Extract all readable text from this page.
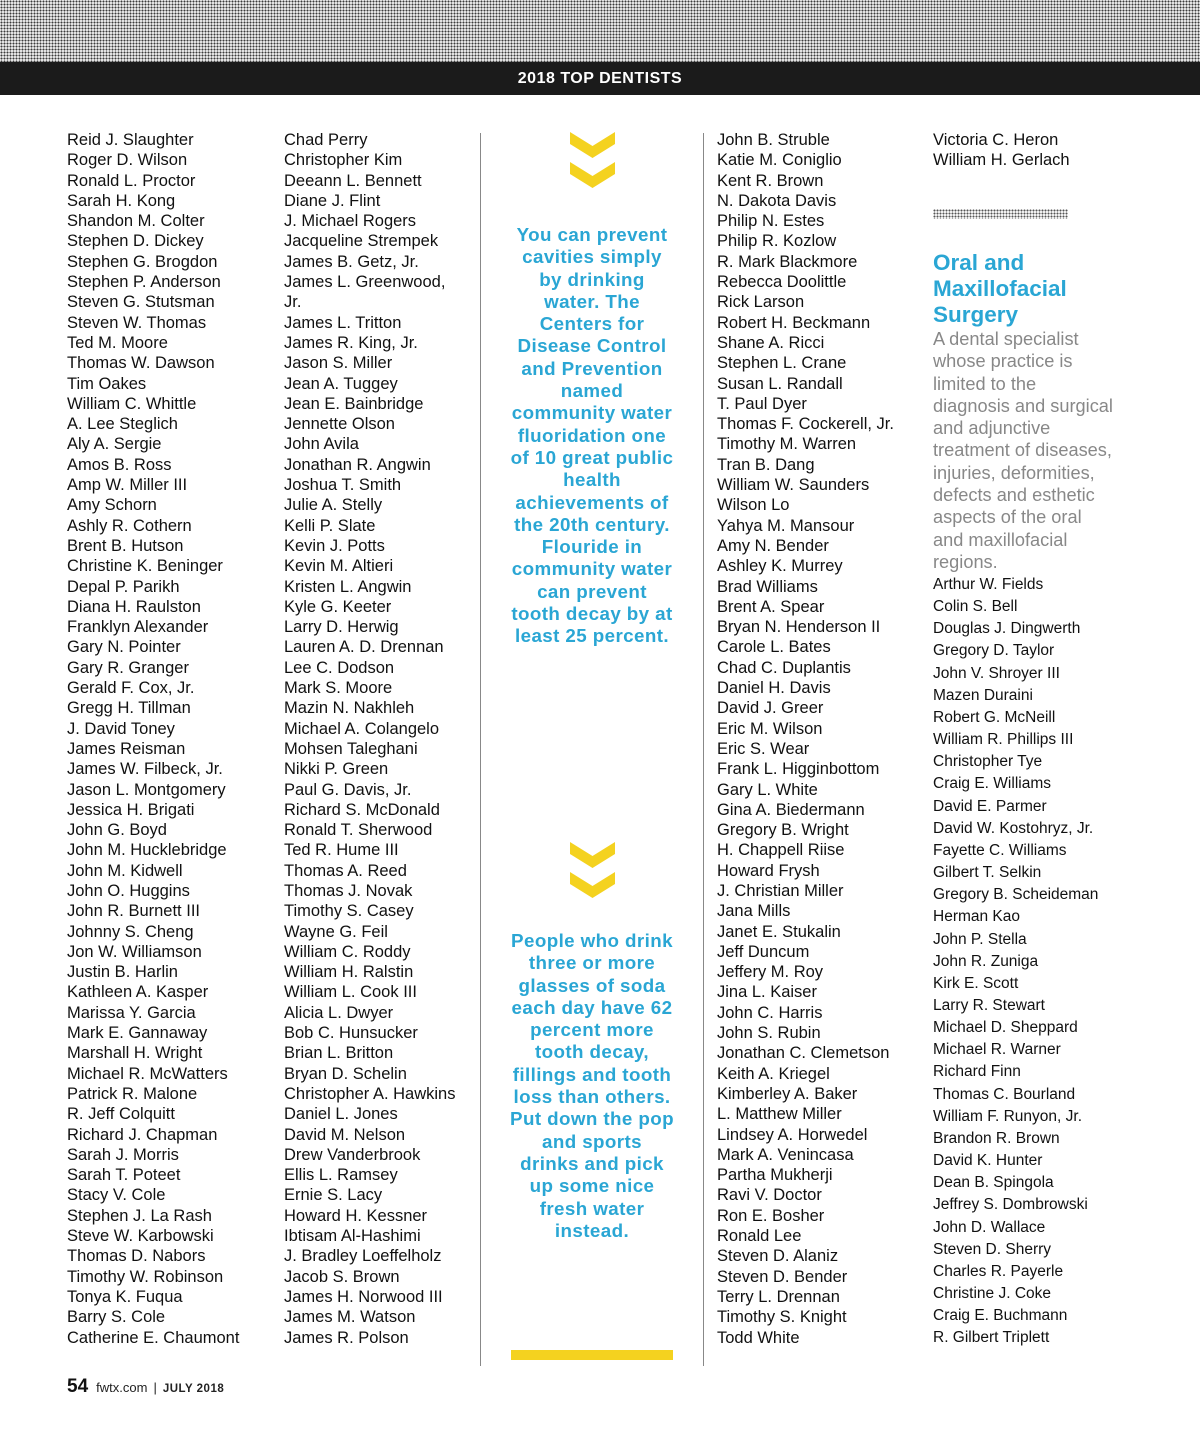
2018 TOP DENTISTS
Reid J. Slaughter
Roger D. Wilson
Ronald L. Proctor
Sarah H. Kong
Shandon M. Colter
Stephen D. Dickey
Stephen G. Brogdon
Stephen P. Anderson
Steven G. Stutsman
Steven W. Thomas
Ted M. Moore
Thomas W. Dawson
Tim Oakes
William C. Whittle
A. Lee Steglich
Aly A. Sergie
Amos B. Ross
Amp W. Miller III
Amy Schorn
Ashly R. Cothern
Brent B. Hutson
Christine K. Beninger
Depal P. Parikh
Diana H. Raulston
Franklyn Alexander
Gary N. Pointer
Gary R. Granger
Gerald F. Cox, Jr.
Gregg H. Tillman
J. David Toney
James Reisman
James W. Filbeck, Jr.
Jason L. Montgomery
Jessica H. Brigati
John G. Boyd
John M. Hucklebridge
John M. Kidwell
John O. Huggins
John R. Burnett III
Johnny S. Cheng
Jon W. Williamson
Justin B. Harlin
Kathleen A. Kasper
Marissa Y. Garcia
Mark E. Gannaway
Marshall H. Wright
Michael R. McWatters
Patrick R. Malone
R. Jeff Colquitt
Richard J. Chapman
Sarah J. Morris
Sarah T. Poteet
Stacy V. Cole
Stephen J. La Rash
Steve W. Karbowski
Thomas D. Nabors
Timothy W. Robinson
Tonya K. Fuqua
Barry S. Cole
Catherine E. Chaumont
Chad Perry
Christopher Kim
Deeann L. Bennett
Diane J. Flint
J. Michael Rogers
Jacqueline Strempek
James B. Getz, Jr.
James L. Greenwood, Jr.
James L. Tritton
James R. King, Jr.
Jason S. Miller
Jean A. Tuggey
Jean E. Bainbridge
Jennette Olson
John Avila
Jonathan R. Angwin
Joshua T. Smith
Julie A. Stelly
Kelli P. Slate
Kevin J. Potts
Kevin M. Altieri
Kristen L. Angwin
Kyle G. Keeter
Larry D. Herwig
Lauren A. D. Drennan
Lee C. Dodson
Mark S. Moore
Mazin N. Nakhleh
Michael A. Colangelo
Mohsen Taleghani
Nikki P. Green
Paul G. Davis, Jr.
Richard S. McDonald
Ronald T. Sherwood
Ted R. Hume III
Thomas A. Reed
Thomas J. Novak
Timothy S. Casey
Wayne G. Feil
William C. Roddy
William H. Ralstin
William L. Cook III
Alicia L. Dwyer
Bob C. Hunsucker
Brian L. Britton
Bryan D. Schelin
Christopher A. Hawkins
Daniel L. Jones
David M. Nelson
Drew Vanderbrook
Ellis L. Ramsey
Ernie S. Lacy
Howard H. Kessner
Ibtisam Al-Hashimi
J. Bradley Loeffelholz
Jacob S. Brown
James H. Norwood III
James M. Watson
James R. Polson

You can prevent cavities simply by drinking water. The Centers for Disease Control and Prevention named community water fluoridation one of 10 great public health achievements of the 20th century. Flouride in community water can prevent tooth decay by at least 25 percent.

People who drink three or more glasses of soda each day have 62 percent more tooth decay, fillings and tooth loss than others. Put down the pop and sports drinks and pick up some nice fresh water instead.

John B. Struble
Katie M. Coniglio
Kent R. Brown
N. Dakota Davis
Philip N. Estes
Philip R. Kozlow
R. Mark Blackmore
Rebecca Doolittle
Rick Larson
Robert H. Beckmann
Shane A. Ricci
Stephen L. Crane
Susan L. Randall
T. Paul Dyer
Thomas F. Cockerell, Jr.
Timothy M. Warren
Tran B. Dang
William W. Saunders
Wilson Lo
Yahya M. Mansour
Amy N. Bender
Ashley K. Murrey
Brad Williams
Brent A. Spear
Bryan N. Henderson II
Carole L. Bates
Chad C. Duplantis
Daniel H. Davis
David J. Greer
Eric M. Wilson
Eric S. Wear
Frank L. Higginbottom
Gary L. White
Gina A. Biedermann
Gregory B. Wright
H. Chappell Riise
Howard Frysh
J. Christian Miller
Jana Mills
Janet E. Stukalin
Jeff Duncum
Jeffery M. Roy
Jina L. Kaiser
John C. Harris
John S. Rubin
Jonathan C. Clemetson
Keith A. Kriegel
Kimberley A. Baker
L. Matthew Miller
Lindsey A. Horwedel
Mark A. Venincasa
Partha Mukherji
Ravi V. Doctor
Ron E. Bosher
Ronald Lee
Steven D. Alaniz
Steven D. Bender
Terry L. Drennan
Timothy S. Knight
Todd White
Victoria C. Heron
William H. Gerlach
Oral and Maxillofacial Surgery

A dental specialist whose practice is limited to the diagnosis and surgical and adjunctive treatment of diseases, injuries, deformities, defects and esthetic aspects of the oral and maxillofacial regions.

Arthur W. Fields
Colin S. Bell
Douglas J. Dingwerth
Gregory D. Taylor
John V. Shroyer III
Mazen Duraini
Robert G. McNeill
William R. Phillips III
Christopher Tye
Craig E. Williams
David E. Parmer
David W. Kostohryz, Jr.
Fayette C. Williams
Gilbert T. Selkin
Gregory B. Scheideman
Herman Kao
John P. Stella
John R. Zuniga
Kirk E. Scott
Larry R. Stewart
Michael D. Sheppard
Michael R. Warner
Richard Finn
Thomas C. Bourland
William F. Runyon, Jr.
Brandon R. Brown
David K. Hunter
Dean B. Spingola
Jeffrey S. Dombrowski
John D. Wallace
Steven D. Sherry
Charles R. Payerle
Christine J. Coke
Craig E. Buchmann
R. Gilbert Triplett
54 fwtx.com | JULY 2018
